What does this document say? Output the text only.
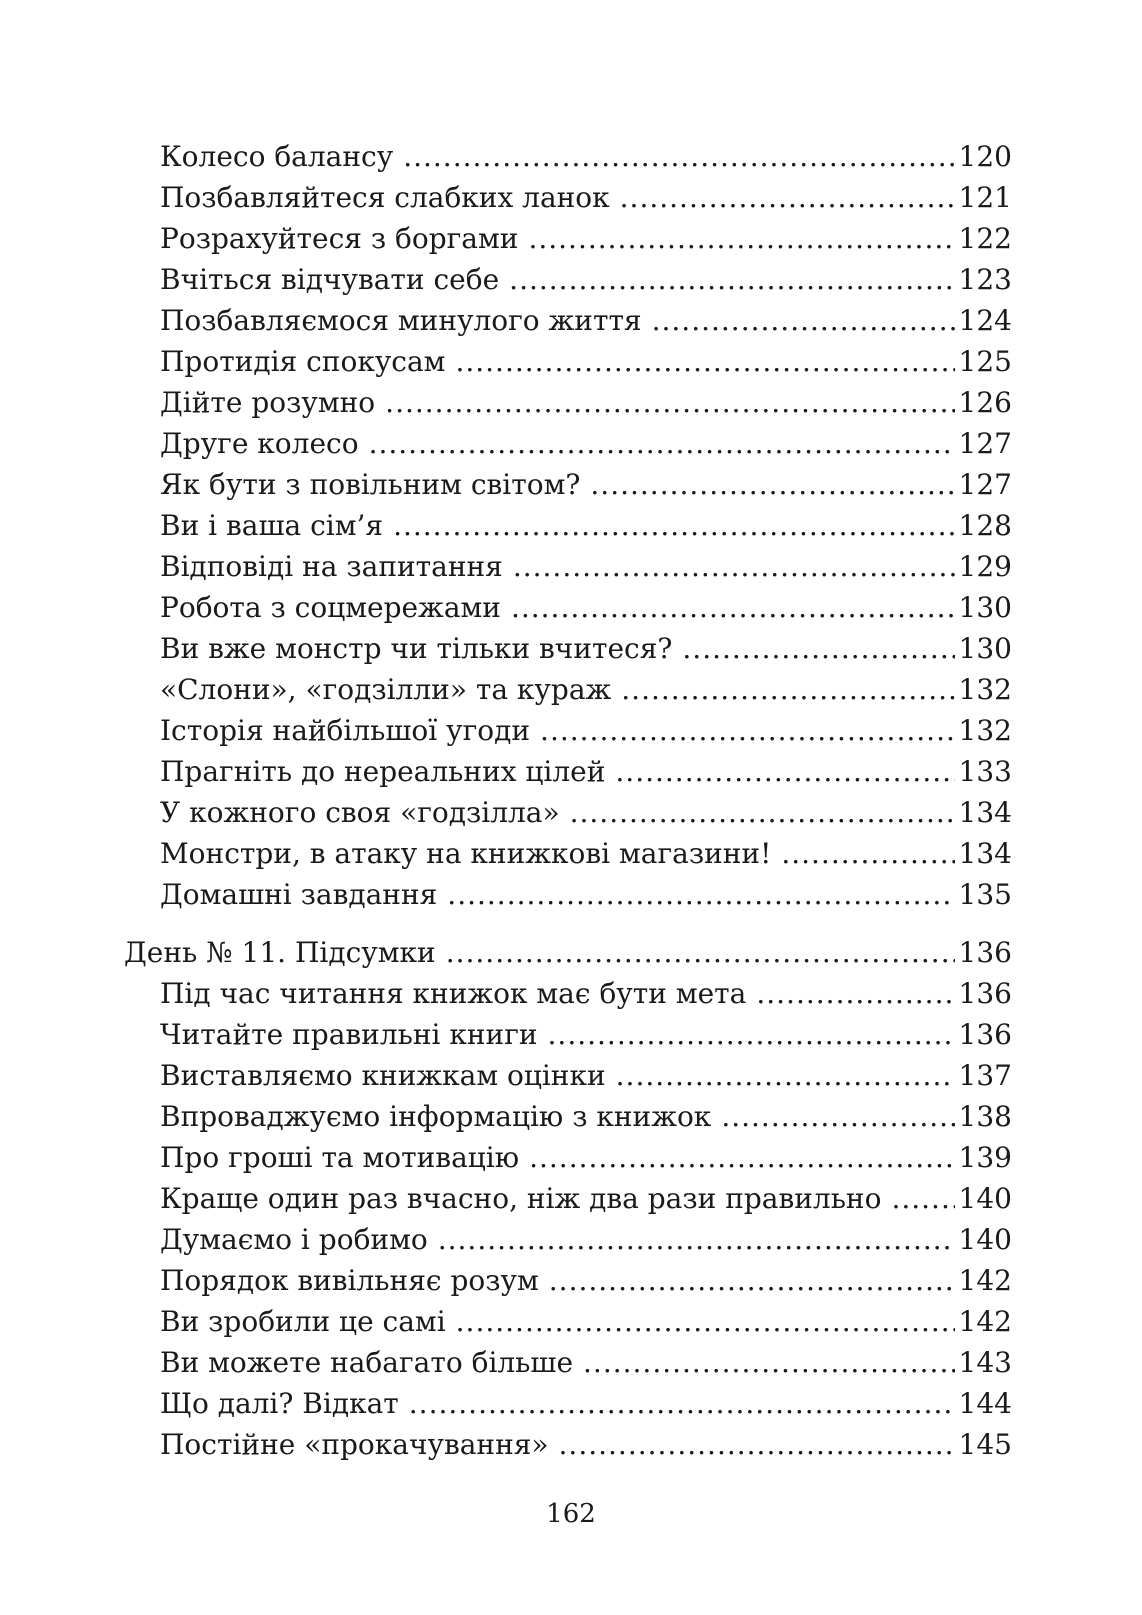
Колесо балансу .....	120
Позбавляйтеся слабких ланок .....	121
Розрахуйтеся з боргами .....	122
Вчіться відчувати себе .....	123
Позбавляємося минулого життя .....	124
Протидія спокусам .....	125
Дійте розумно .....	126
Друге колесо .....	127
Як бути з повільним світом? .....	127
Ви і ваша сім’я .....	128
Відповіді на запитання .....	129
Робота з соцмережами .....	130
Ви вже монстр чи тільки вчитеся? .....	130
«Слони», «годзілли» та кураж .....	132
Історія найбільшої угоди .....	132
Прагніть до нереальних цілей .....	133
У кожного своя «годзілла» .....	134
Монстри, в атаку на книжкові магазини! .....	134
Домашні завдання .....	135
День № 11. Підсумки .....	136
Під час читання книжок має бути мета .....	136
Читайте правильні книги .....	136
Виставляємо книжкам оцінки .....	137
Впроваджуємо інформацію з книжок .....	138
Про гроші та мотивацію .....	139
Краще один раз вчасно, ніж два рази правильно .....	140
Думаємо і робимо .....	140
Порядок вивільняє розум .....	142
Ви зробили це самі .....	142
Ви можете набагато більше .....	143
Що далі? Відкат .....	144
Постійне «прокачування» .....	145
162
